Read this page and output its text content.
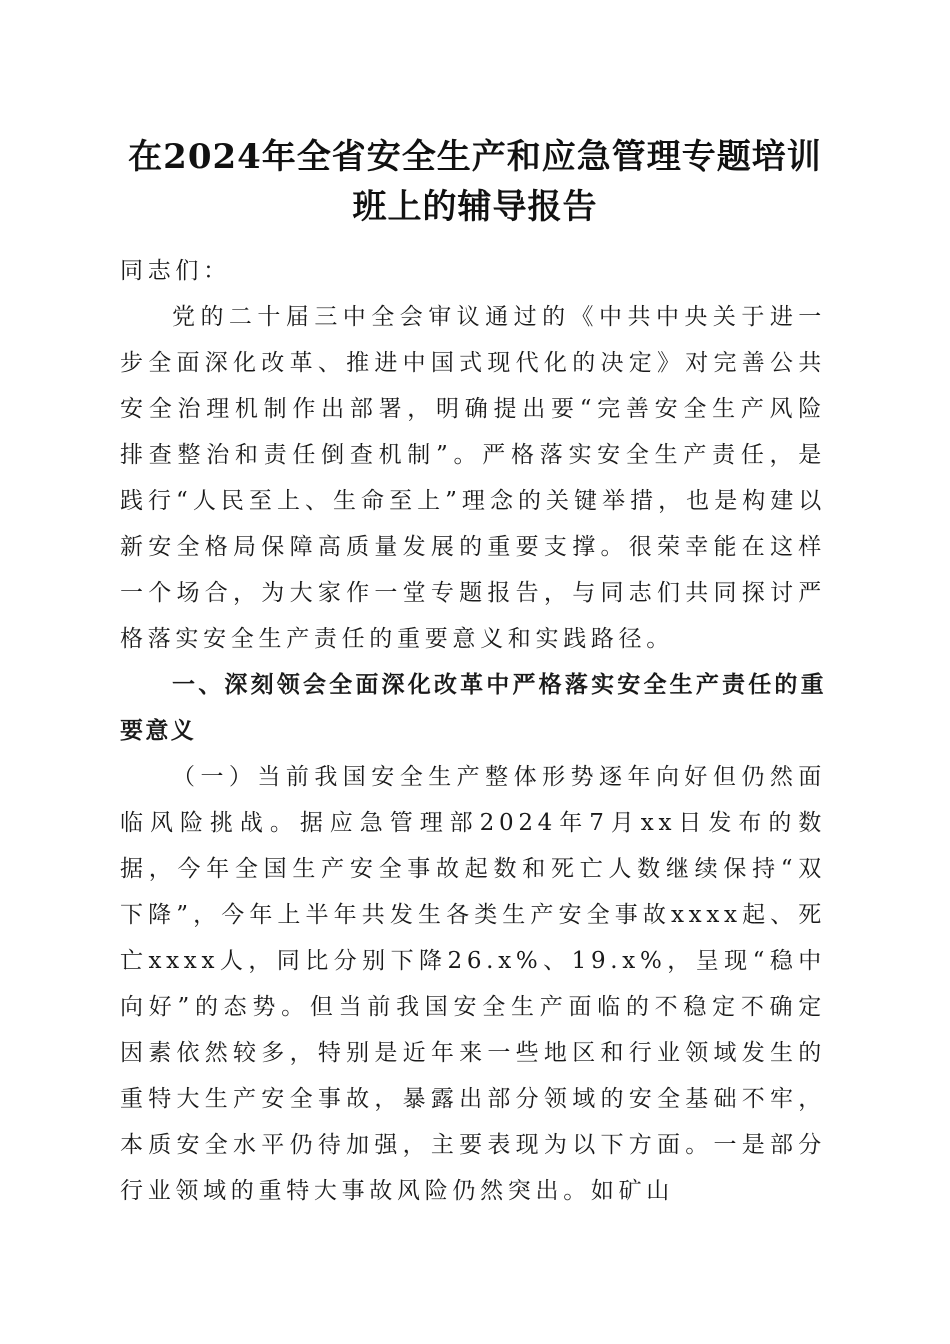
在2024年全省安全生产和应急管理专题培训
班上的辅导报告

同志们：

党的二十届三中全会审议通过的《中共中央关于进一步全面深化改革、推进中国式现代化的决定》对完善公共安全治理机制作出部署，明确提出要“完善安全生产风险排查整治和责任倒查机制”。严格落实安全生产责任，是践行“人民至上、生命至上”理念的关键举措，也是构建以新安全格局保障高质量发展的重要支撑。很荣幸能在这样一个场合，为大家作一堂专题报告，与同志们共同探讨严格落实安全生产责任的重要意义和实践路径。

一、深刻领会全面深化改革中严格落实安全生产责任的重要意义

（一）当前我国安全生产整体形势逐年向好但仍然面临风险挑战。据应急管理部2024年7月xx日发布的数据，今年全国生产安全事故起数和死亡人数继续保持“双下降”，今年上半年共发生各类生产安全事故xxxx起、死亡xxxx人，同比分别下降26.x%、19.x%，呈现“稳中向好”的态势。但当前我国安全生产面临的不稳定不确定因素依然较多，特别是近年来一些地区和行业领域发生的重特大生产安全事故，暴露出部分领域的安全基础不牢，本质安全水平仍待加强，主要表现为以下方面。一是部分行业领域的重特大事故风险仍然突出。如矿山
